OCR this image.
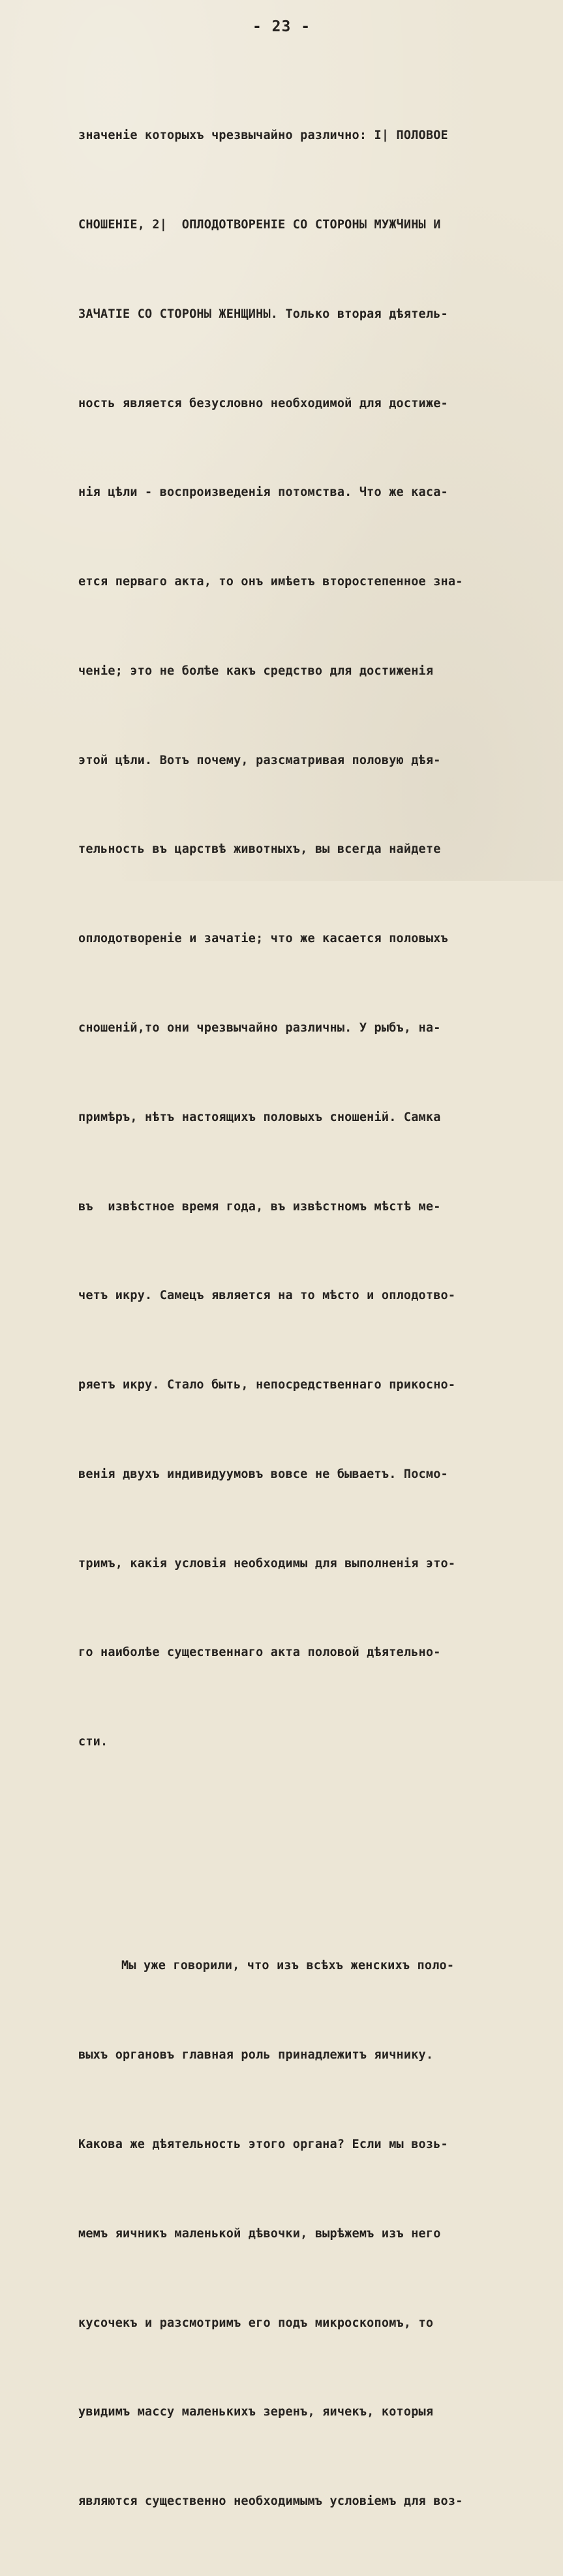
- 23 -

значенiе которыхъ чрезвычайно различно: I| ПОЛОВОЕ

СНОШЕНIЕ, 2|  ОПЛОДОТВОРЕНIЕ СО СТОРОНЫ МУЖЧИНЫ И

ЗАЧАТIЕ СО СТОРОНЫ ЖЕНЩИНЫ. Только вторая дѣятель-

ность является безусловно необходимой для достиже-

нiя цѣли - воспроизведенiя потомства. Что же каса-

ется перваго акта, то онъ имѣетъ второстепенное зна-

ченiе; это не болѣе какъ средство для достиженiя

этой цѣли. Вотъ почему, разсматривая половую дѣя-

тельность въ царствѣ животныхъ, вы всегда найдете

оплодотворенiе и зачатiе; что же касается половыхъ

сношенiй,то они чрезвычайно различны. У рыбъ, на-

примѣръ, нѣтъ настоящихъ половыхъ сношенiй. Самка

въ  извѣстное время года, въ извѣстномъ мѣстѣ ме-

четъ икру. Самецъ является на то мѣсто и оплодотво-

ряетъ икру. Стало быть, непосредственнаго прикосно-

венiя двухъ индивидуумовъ вовсе не бываетъ. Посмо-

тримъ, какiя условiя необходимы для выполненiя это-

го наиболѣе существеннаго акта половой дѣятельно-

сти.

Мы уже говорили, что изъ всѣхъ женскихъ поло-

выхъ органовъ главная роль принадлежитъ яичнику.

Какова же дѣятельность этого органа? Если мы возь-

мемъ яичникъ маленькой дѣвочки, вырѣжемъ изъ него

кусочекъ и разсмотримъ его подъ микроскопомъ, то

увидимъ массу маленькихъ зеренъ, яичекъ, которыя

являются существенно необходимымъ условiемъ для воз-
